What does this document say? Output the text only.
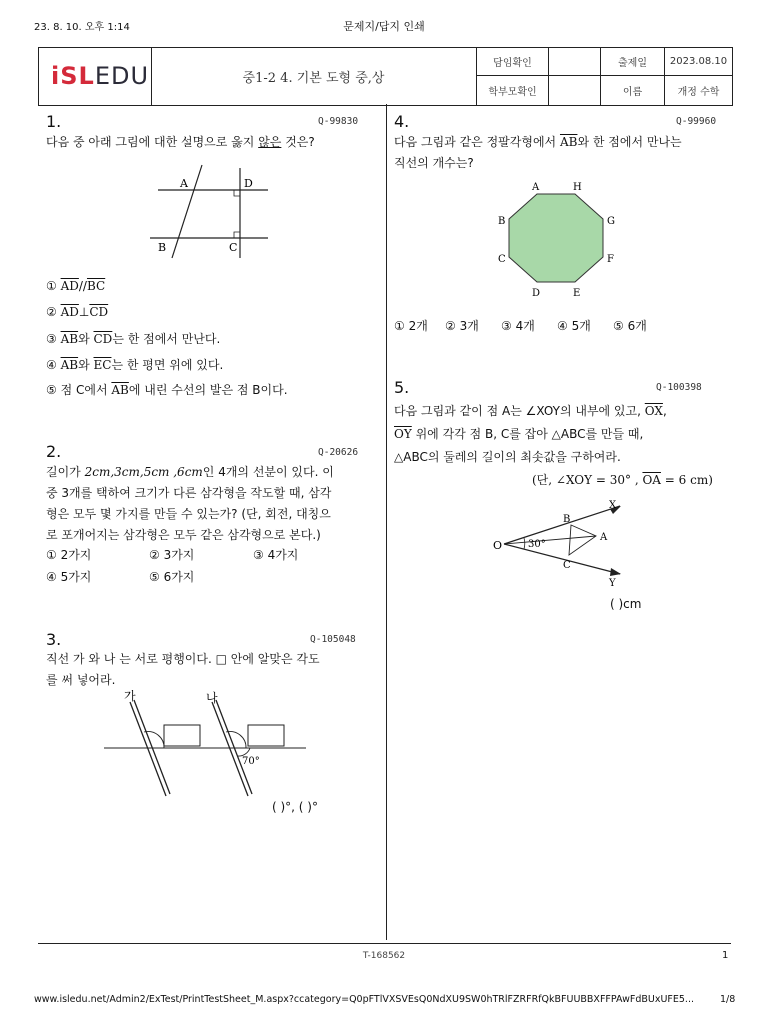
23. 8. 10. 오후 1:14	문제지/답지 인쇄
iSLEDU	중1-2 4. 기본 도형 중,상
담임확인	출제일	2023.08.10
학부모확인	이름	개정 수학
1.	Q-99830
다음 중 아래 그림에 대한 설명으로 옳지 않은 것은?
A	D
B	C
① $\overline{AD}//\overline{BC}$
② $\overline{AD}\perp\overline{CD}$
③ $\overline{AB}$와 $\overline{CD}$는 한 점에서 만난다.
④ $\overline{AB}$와 $\overline{EC}$는 한 평면 위에 있다.
⑤ 점 C에서 $\overline{AB}$에 내린 수선의 발은 점 B이다.
2.	Q-20626
길이가 2cm,3cm,5cm ,6cm인 4개의 선분이 있다. 이
중 3개를 택하여 크기가 다른 삼각형을 작도할 때, 삼각
형은 모두 몇 가지를 만들 수 있는가? (단, 회전, 대칭으
로 포개어지는 삼각형은 모두 같은 삼각형으로 본다.)
① 2가지	② 3가지	③ 4가지
④ 5가지	⑤ 6가지
3.	Q-105048
직선 가 와 나 는 서로 평행이다. □ 안에 알맞은 각도
를 써 넣어라.
가	나
70°
( )°, ( )°
4.	Q-99960
다음 그림과 같은 정팔각형에서 $\overline{AB}$와 한 점에서 만나는
직선의 개수는?
A	H
B	G
C	F
D	E
① 2개 ② 3개 ③ 4개 ④ 5개 ⑤ 6개
5.	Q-100398
다음 그림과 같이 점 A는 ∠XOY의 내부에 있고, $\overline{OX}$,
$\overline{OY}$ 위에 각각 점 B, C를 잡아 △ABC를 만들 때,
△ABC의 둘레의 길이의 최솟값을 구하여라.
(단, ∠XOY = 30° , $\overline{OA} = 6$ cm)
O
B
A
C
X
Y
30°
( )cm
T-168562	1
www.isledu.net/Admin2/ExTest/PrintTestSheet_M.aspx?ccategory=Q0pFTlVXSVEsQ0NdXU9SW0hTRlFZRFRfQkBFUUBBXFFPAwFdBUxUFE5...	1/8
